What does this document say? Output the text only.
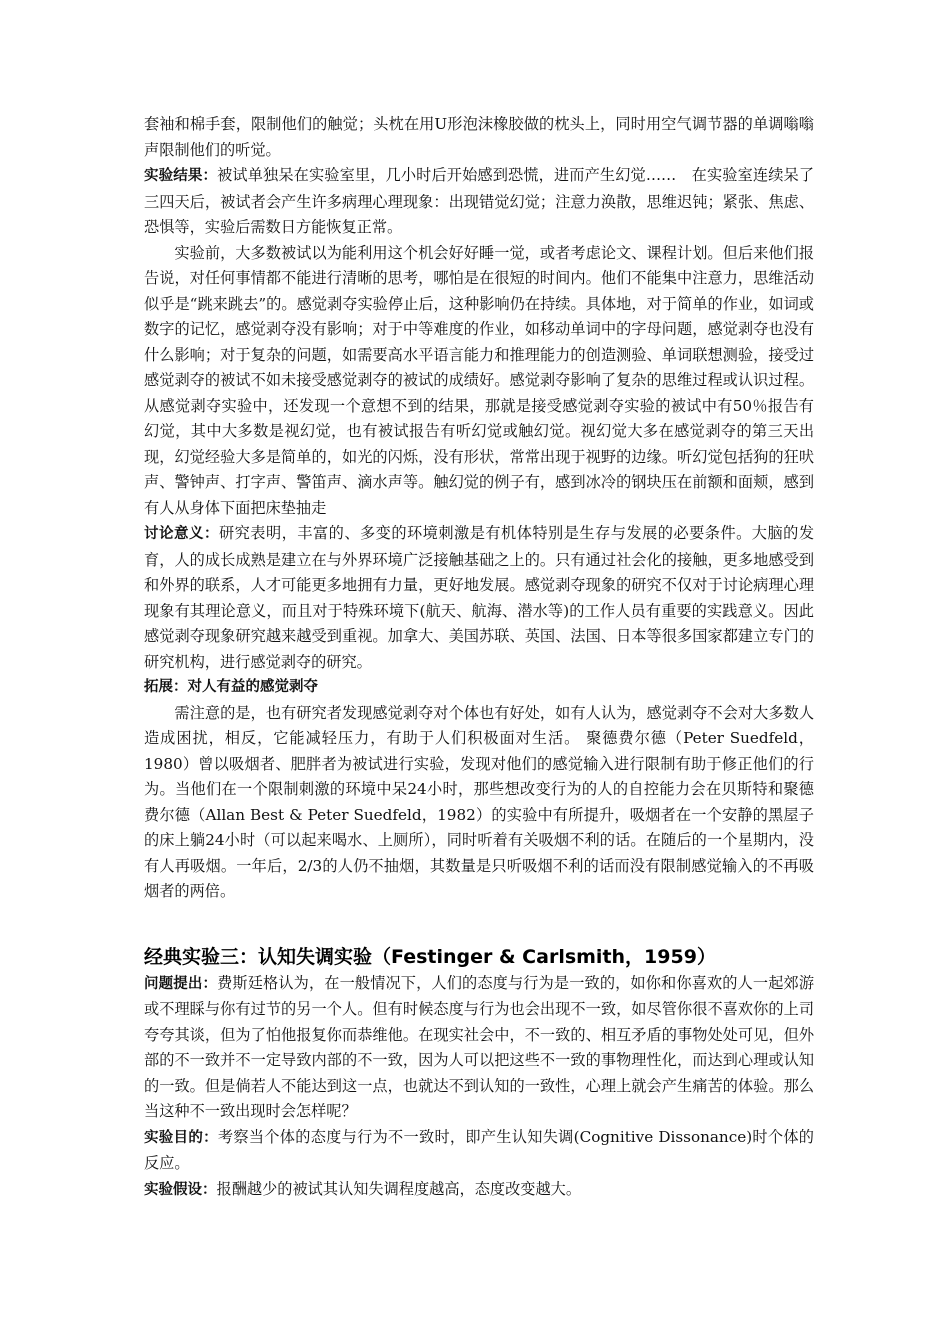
套袖和棉手套，限制他们的触觉；头枕在用U形泡沫橡胶做的枕头上，同时用空气调节器的单调嗡嗡声限制他们的听觉。

实验结果：被试单独呆在实验室里，几小时后开始感到恐慌，进而产生幻觉……　在实验室连续呆了三四天后，被试者会产生许多病理心理现象：出现错觉幻觉；注意力涣散，思维迟钝；紧张、焦虑、恐惧等，实验后需数日方能恢复正常。

实验前，大多数被试以为能利用这个机会好好睡一觉，或者考虑论文、课程计划。但后来他们报告说，对任何事情都不能进行清晰的思考，哪怕是在很短的时间内。他们不能集中注意力，思维活动似乎是“跳来跳去”的。感觉剥夺实验停止后，这种影响仍在持续。具体地，对于简单的作业，如词或数字的记忆，感觉剥夺没有影响；对于中等难度的作业，如移动单词中的字母问题，感觉剥夺也没有什么影响；对于复杂的问题，如需要高水平语言能力和推理能力的创造测验、单词联想测验，接受过感觉剥夺的被试不如未接受感觉剥夺的被试的成绩好。感觉剥夺影响了复杂的思维过程或认识过程。从感觉剥夺实验中，还发现一个意想不到的结果，那就是接受感觉剥夺实验的被试中有50％报告有幻觉，其中大多数是视幻觉，也有被试报告有听幻觉或触幻觉。视幻觉大多在感觉剥夺的第三天出现，幻觉经验大多是简单的，如光的闪烁，没有形状，常常出现于视野的边缘。听幻觉包括狗的狂吠声、警钟声、打字声、警笛声、滴水声等。触幻觉的例子有，感到冰冷的钢块压在前额和面颊，感到有人从身体下面把床垫抽走

讨论意义：研究表明，丰富的、多变的环境刺激是有机体特别是生存与发展的必要条件。大脑的发育，人的成长成熟是建立在与外界环境广泛接触基础之上的。只有通过社会化的接触，更多地感受到和外界的联系，人才可能更多地拥有力量，更好地发展。感觉剥夺现象的研究不仅对于讨论病理心理现象有其理论意义，而且对于特殊环境下(航天、航海、潜水等)的工作人员有重要的实践意义。因此感觉剥夺现象研究越来越受到重视。加拿大、美国苏联、英国、法国、日本等很多国家都建立专门的研究机构，进行感觉剥夺的研究。

拓展：对人有益的感觉剥夺

需注意的是，也有研究者发现感觉剥夺对个体也有好处，如有人认为，感觉剥夺不会对大多数人造成困扰，相反，它能减轻压力，有助于人们积极面对生活。 聚德费尔德（Peter Suedfeld，1980）曾以吸烟者、肥胖者为被试进行实验，发现对他们的感觉输入进行限制有助于修正他们的行为。当他们在一个限制刺激的环境中呆24小时，那些想改变行为的人的自控能力会在贝斯特和聚德费尔德（Allan Best & Peter Suedfeld，1982）的实验中有所提升，吸烟者在一个安静的黑屋子的床上躺24小时（可以起来喝水、上厕所），同时听着有关吸烟不利的话。在随后的一个星期内，没有人再吸烟。一年后，2/3的人仍不抽烟，其数量是只听吸烟不利的话而没有限制感觉输入的不再吸烟者的两倍。

经典实验三：认知失调实验（Festinger & Carlsmith，1959）

问题提出：费斯廷格认为，在一般情况下，人们的态度与行为是一致的，如你和你喜欢的人一起郊游或不理睬与你有过节的另一个人。但有时候态度与行为也会出现不一致，如尽管你很不喜欢你的上司夸夸其谈，但为了怕他报复你而恭维他。在现实社会中，不一致的、相互矛盾的事物处处可见，但外部的不一致并不一定导致内部的不一致，因为人可以把这些不一致的事物理性化，而达到心理或认知的一致。但是倘若人不能达到这一点，也就达不到认知的一致性，心理上就会产生痛苦的体验。那么当这种不一致出现时会怎样呢？

实验目的：考察当个体的态度与行为不一致时，即产生认知失调(Cognitive Dissonance)时个体的反应。

实验假设：报酬越少的被试其认知失调程度越高，态度改变越大。
